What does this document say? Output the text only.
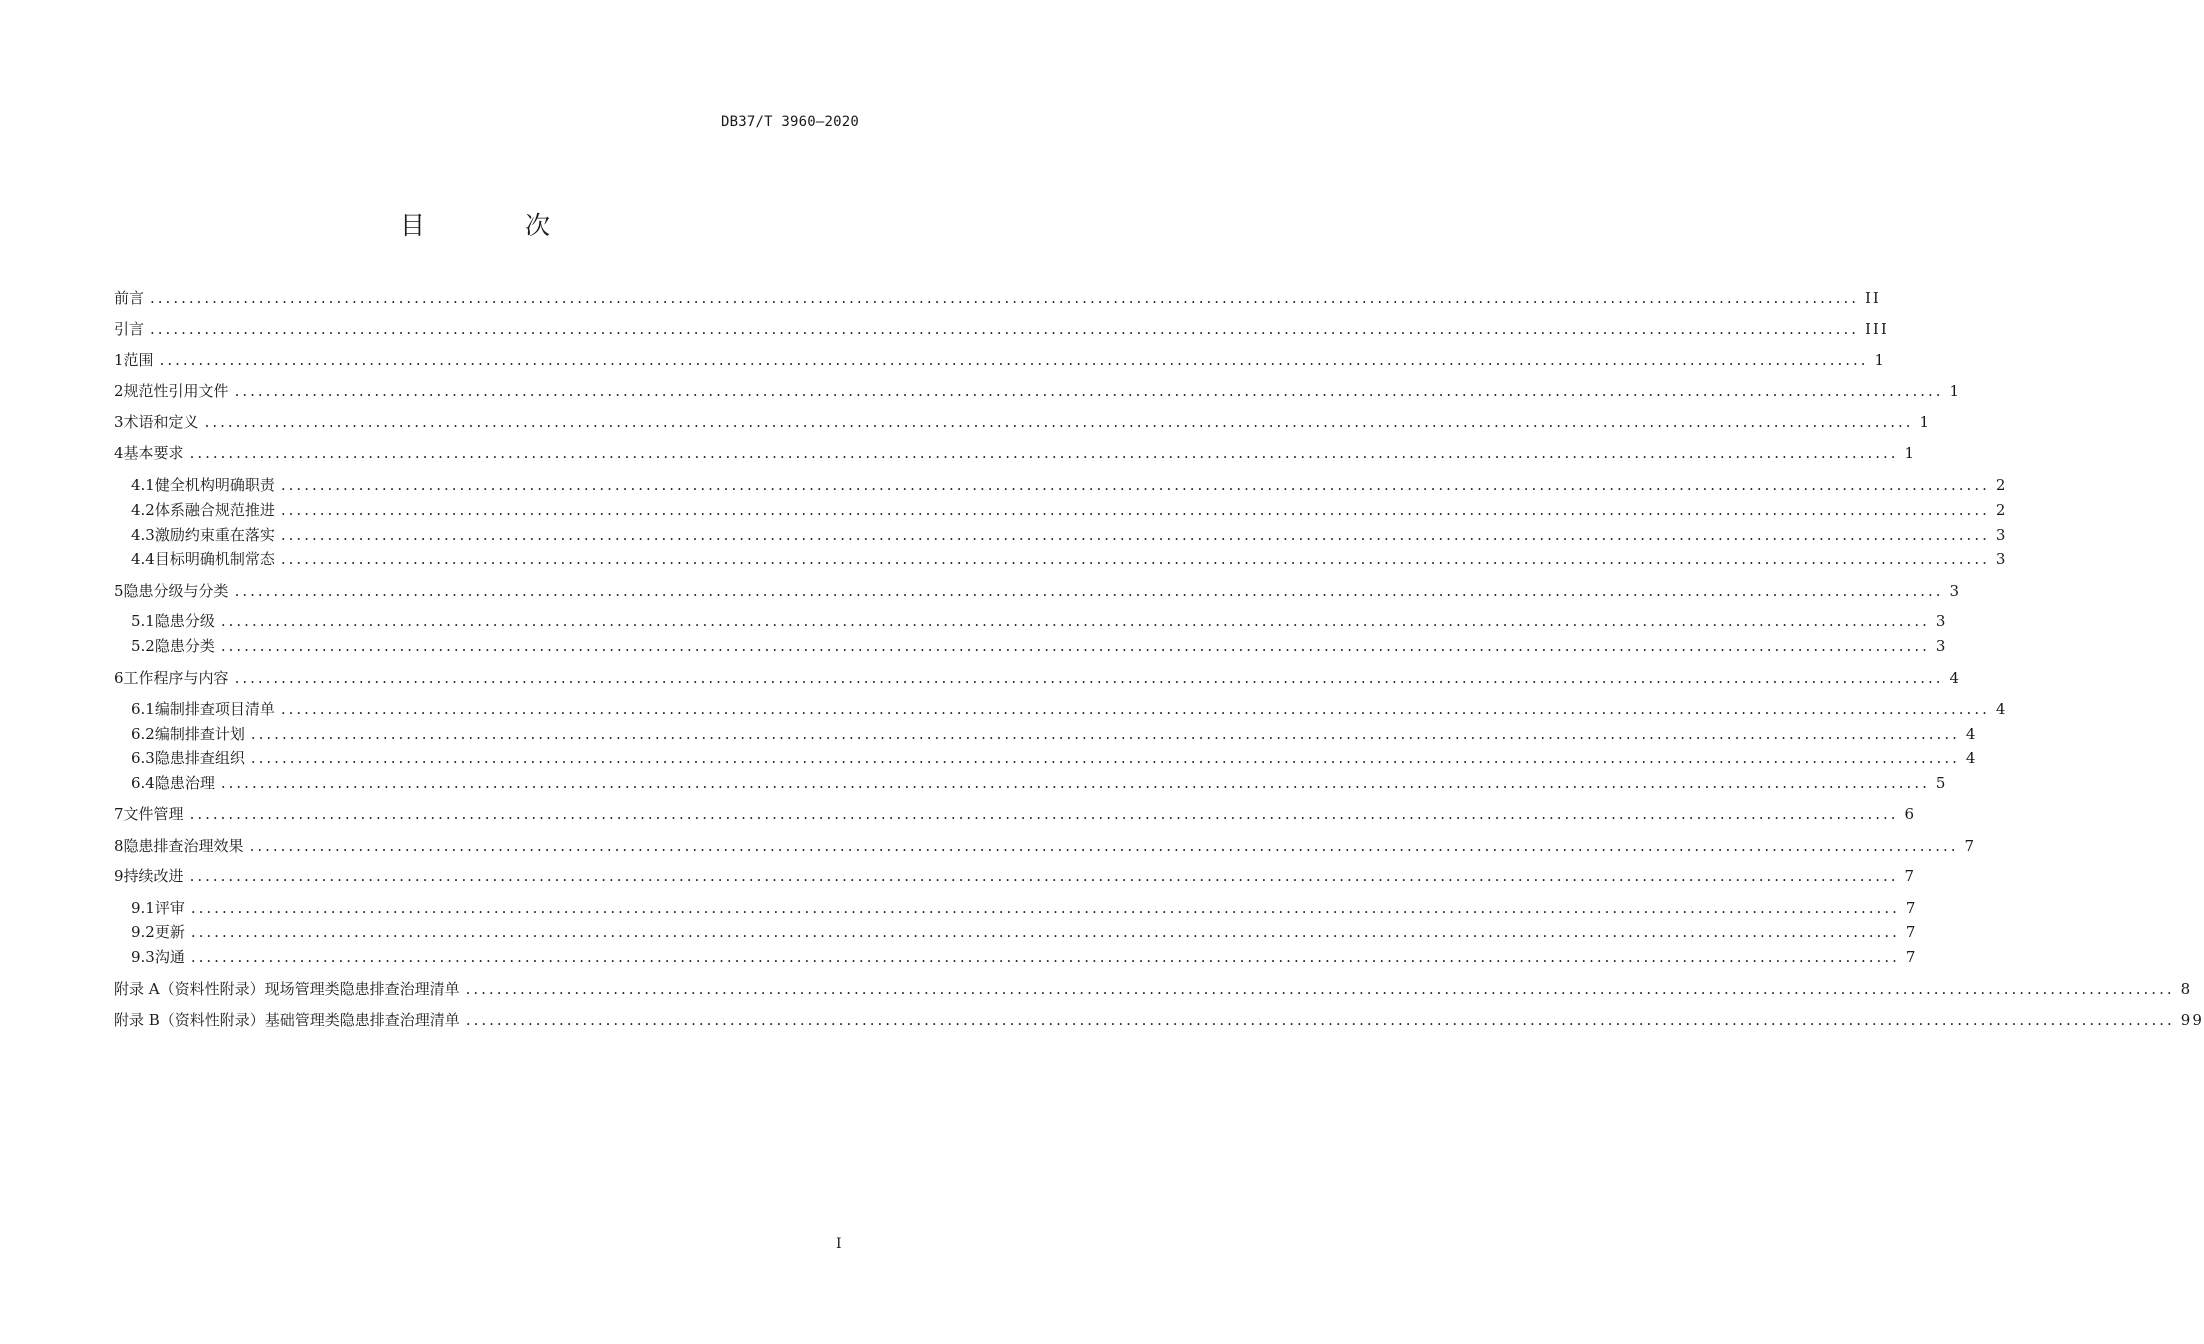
DB37/T 3960—2020
目 次
前言 ............................................................................................................................................................................................................................ II
引言 ............................................................................................................................................................................................................................ III
1 范围 ............................................................................................................................................................................................................................ 1
2 规范性引用文件 ............................................................................................................................................................................................................................ 1
3 术语和定义 ............................................................................................................................................................................................................................ 1
4 基本要求 ............................................................................................................................................................................................................................ 1
4.1 健全机构 明确职责 ............................................................................................................................................................................................................................ 2
4.2 体系融合 规范推进 ............................................................................................................................................................................................................................ 2
4.3 激励约束 重在落实 ............................................................................................................................................................................................................................ 3
4.4 目标明确 机制常态 ............................................................................................................................................................................................................................ 3
5 隐患分级与分类 ............................................................................................................................................................................................................................ 3
5.1 隐患分级 ............................................................................................................................................................................................................................ 3
5.2 隐患分类 ............................................................................................................................................................................................................................ 3
6 工作程序与内容 ............................................................................................................................................................................................................................ 4
6.1 编制排查项目清单 ............................................................................................................................................................................................................................ 4
6.2 编制排查计划 ............................................................................................................................................................................................................................ 4
6.3 隐患排查组织 ............................................................................................................................................................................................................................ 4
6.4 隐患治理 ............................................................................................................................................................................................................................ 5
7 文件管理 ............................................................................................................................................................................................................................ 6
8 隐患排查治理效果 ............................................................................................................................................................................................................................ 7
9 持续改进 ............................................................................................................................................................................................................................ 7
9.1 评审 ............................................................................................................................................................................................................................ 7
9.2 更新 ............................................................................................................................................................................................................................ 7
9.3 沟通 ............................................................................................................................................................................................................................ 7
附录 A（资料性附录） 现场管理类隐患排查治理清单 ............................................................................................................................................................................................................................ 8
附录 B（资料性附录） 基础管理类隐患排查治理清单 ............................................................................................................................................................................................................................ 99
I
